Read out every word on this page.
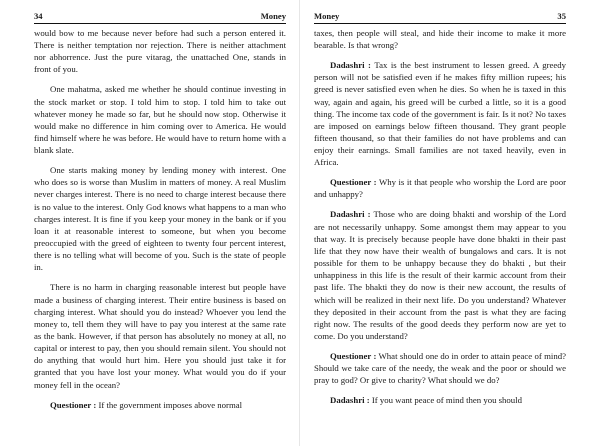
34	Money

would bow to me because never before had such a person entered it. There is neither temptation nor rejection. There is neither attachment nor abhorrence. Just the pure vitarag, the unattached One, stands in front of you.

One mahatma, asked me whether he should continue investing in the stock market or stop. I told him to stop. I told him to take out whatever money he made so far, but he should now stop. Otherwise it would make no difference in him coming over to America. He would find himself where he was before. He would have to return home with a blank slate.

One starts making money by lending money with interest. One who does so is worse than Muslim in matters of money. A real Muslim never charges interest. There is no need to charge interest because there is no value to the interest. Only God knows what happens to a man who charges interest. It is fine if you keep your money in the bank or if you loan it at reasonable interest to someone, but when you become preoccupied with the greed of eighteen to twenty four percent interest, there is no telling what will become of you. Such is the state of people in.

There is no harm in charging reasonable interest but people have made a business of charging interest. Their entire business is based on charging interest. What should you do instead? Whoever you lend the money to, tell them they will have to pay you interest at the same rate as the bank. However, if that person has absolutely no money at all, no capital or interest to pay, then you should remain silent. You should not do anything that would hurt him. Here you should just take it for granted that you have lost your money. What would you do if your money fell in the ocean?

Questioner : If the government imposes above normal

Money	35

taxes, then people will steal, and hide their income to make it more bearable. Is that wrong?

Dadashri : Tax is the best instrument to lessen greed. A greedy person will not be satisfied even if he makes fifty million rupees; his greed is never satisfied even when he dies. So when he is taxed in this way, again and again, his greed will be curbed a little, so it is a good thing. The income tax code of the government is fair. Is it not? No taxes are imposed on earnings below fifteen thousand. They grant people fifteen thousand, so that their families do not have problems and can enjoy their earnings. Small families are not taxed heavily, even in Africa.

Questioner : Why is it that people who worship the Lord are poor and unhappy?

Dadashri : Those who are doing bhakti and worship of the Lord are not necessarily unhappy. Some amongst them may appear to you that way. It is precisely because people have done bhakti in their past life that they now have their wealth of bungalows and cars. It is not possible for them to be unhappy because they do bhakti , but their unhappiness in this life is the result of their karmic account from their past life. The bhakti they do now is their new account, the results of which will be realized in their next life. Do you understand? Whatever they deposited in their account from the past is what they are facing right now. The results of the good deeds they perform now are yet to come. Do you understand?

Questioner : What should one do in order to attain peace of mind? Should we take care of the needy, the weak and the poor or should we pray to god? Or give to charity? What should we do?

Dadashri : If you want peace of mind then you should
